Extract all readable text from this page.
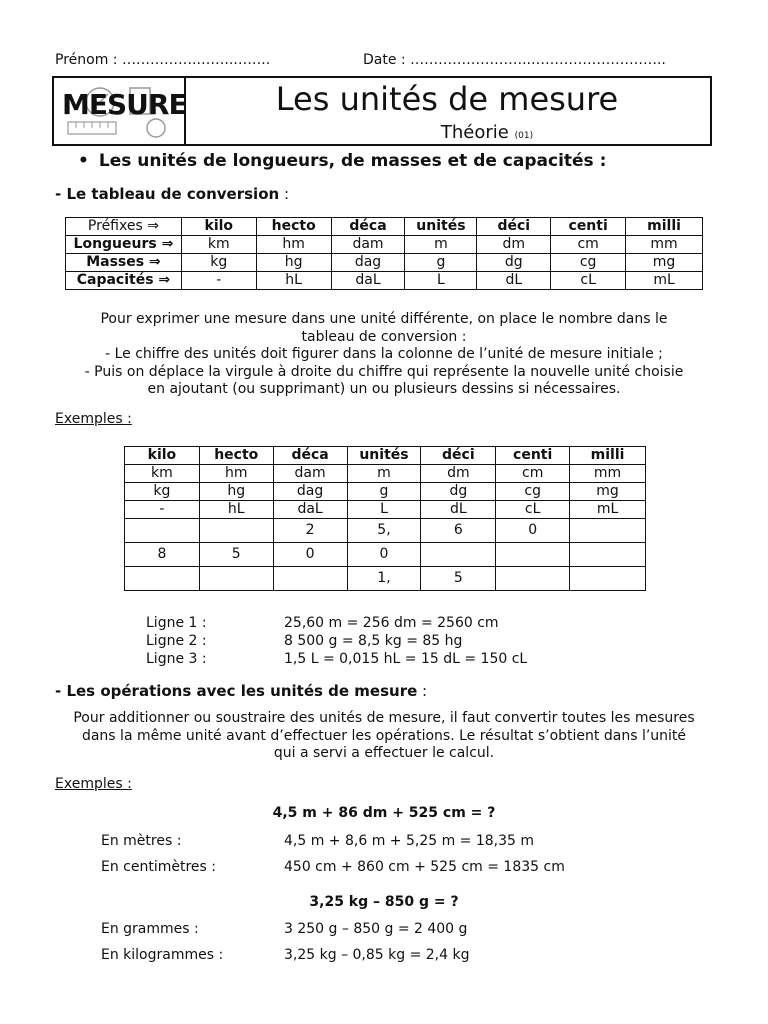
Prénom : …………….……..……..	Date : ……………………..………………………..
MESURE	Les unités de mesure
Théorie (01)
• Les unités de longueurs, de masses et de capacités :
- Le tableau de conversion :
Préfixes ⇒	kilo	hecto	déca	unités	déci	centi	milli
Longueurs ⇒	km	hm	dam	m	dm	cm	mm
Masses ⇒	kg	hg	dag	g	dg	cg	mg
Capacités ⇒	-	hL	daL	L	dL	cL	mL
Pour exprimer une mesure dans une unité différente, on place le nombre dans le
tableau de conversion :
- Le chiffre des unités doit figurer dans la colonne de l’unité de mesure initiale ;
- Puis on déplace la virgule à droite du chiffre qui représente la nouvelle unité choisie
en ajoutant (ou supprimant) un ou plusieurs dessins si nécessaires.
Exemples :
kilo	hecto	déca	unités	déci	centi	milli
km	hm	dam	m	dm	cm	mm
kg	hg	dag	g	dg	cg	mg
-	hL	daL	L	dL	cL	mL
		2	5,	6	0	
8	5	0	0			
			1,	5		
Ligne 1 :	25,60 m = 256 dm = 2560 cm
Ligne 2 :	8 500 g = 8,5 kg = 85 hg
Ligne 3 :	1,5 L = 0,015 hL = 15 dL = 150 cL
- Les opérations avec les unités de mesure :
Pour additionner ou soustraire des unités de mesure, il faut convertir toutes les mesures
dans la même unité avant d’effectuer les opérations. Le résultat s’obtient dans l’unité
qui a servi a effectuer le calcul.
Exemples :
4,5 m + 86 dm + 525 cm = ?
En mètres :	4,5 m + 8,6 m + 5,25 m = 18,35 m
En centimètres :	450 cm + 860 cm + 525 cm = 1835 cm
3,25 kg – 850 g = ?
En grammes :	3 250 g – 850 g = 2 400 g
En kilogrammes :	3,25 kg – 0,85 kg = 2,4 kg
